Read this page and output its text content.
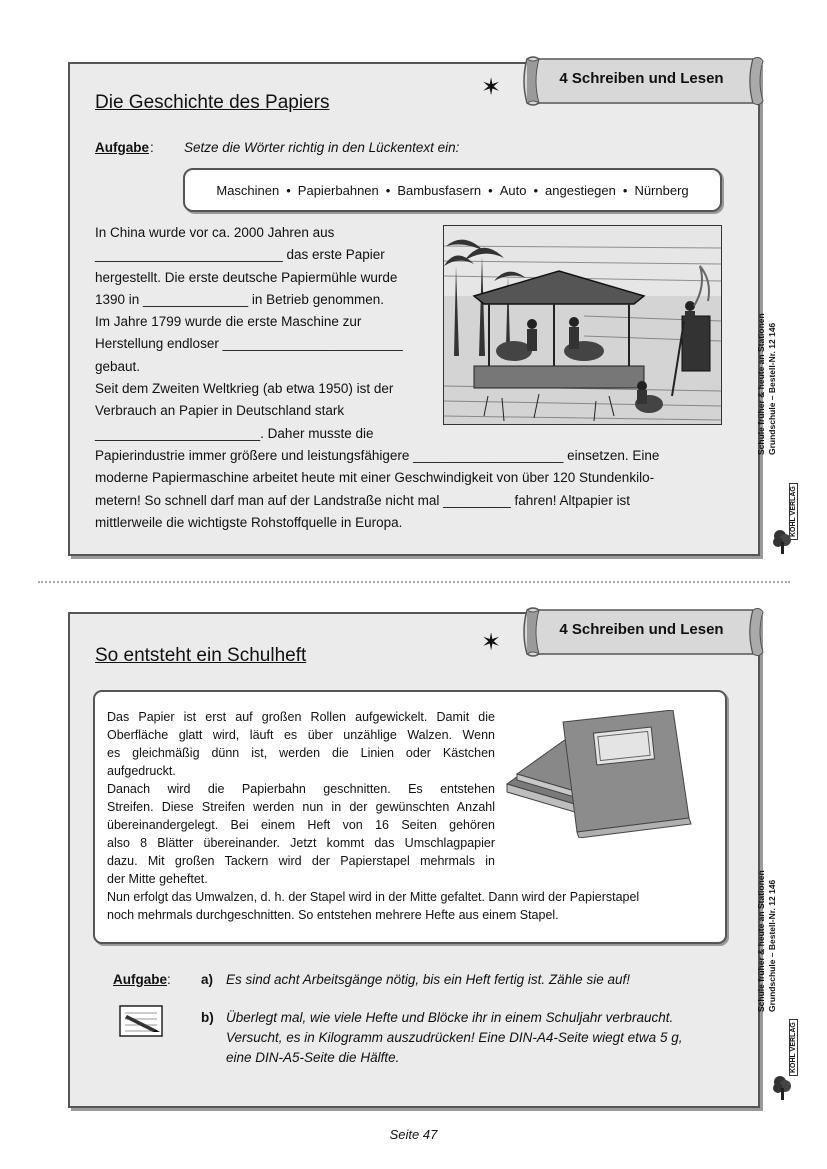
4 Schreiben und Lesen
✶
Die Geschichte des Papiers
Aufgabe : Setze die Wörter richtig in den Lückentext ein:
Maschinen • Papierbahnen • Bambusfasern • Auto • angestiegen • Nürnberg
In China wurde vor ca. 2000 Jahren aus
_________________________ das erste Papier
hergestellt. Die erste deutsche Papiermühle wurde
1390 in ______________ in Betrieb genommen.
Im Jahre 1799 wurde die erste Maschine zur
Herstellung endloser ________________________
gebaut.
Seit dem Zweiten Weltkrieg (ab etwa 1950) ist der
Verbrauch an Papier in Deutschland stark
______________________. Daher musste die
Papierindustrie immer größere und leistungsfähigere ____________________ einsetzen. Eine
moderne Papiermaschine arbeitet heute mit einer Geschwindigkeit von über 120 Stundenkilo-
metern! So schnell darf man auf der Landstraße nicht mal _________ fahren! Altpapier ist
mittlerweile die wichtigste Rohstoffquelle in Europa.
Schule früher & heute an Stationen Grundschule – Bestell-Nr. 12 146
KOHL VERLAG
4 Schreiben und Lesen
✶
So entsteht ein Schulheft
Das Papier ist erst auf großen Rollen aufgewickelt. Damit die
Oberfläche glatt wird, läuft es über unzählige Walzen. Wenn
es gleichmäßig dünn ist, werden die Linien oder Kästchen
aufgedruckt.
Danach wird die Papierbahn geschnitten. Es entstehen
Streifen. Diese Streifen werden nun in der gewünschten Anzahl
übereinandergelegt. Bei einem Heft von 16 Seiten gehören
also 8 Blätter übereinander. Jetzt kommt das Umschlagpapier
dazu. Mit großen Tackern wird der Papierstapel mehrmals in
der Mitte geheftet.
Nun erfolgt das Umwalzen, d. h. der Stapel wird in der Mitte gefaltet. Dann wird der Papierstapel
noch mehrmals durchgeschnitten. So entstehen mehrere Hefte aus einem Stapel.
Aufgabe : a) Es sind acht Arbeitsgänge nötig, bis ein Heft fertig ist. Zähle sie auf!
b) Überlegt mal, wie viele Hefte und Blöcke ihr in einem Schuljahr verbraucht.
Versucht, es in Kilogramm auszudrücken! Eine DIN-A4-Seite wiegt etwa 5 g,
eine DIN-A5-Seite die Hälfte.
Schule früher & heute an Stationen Grundschule – Bestell-Nr. 12 146
KOHL VERLAG
Seite 47
